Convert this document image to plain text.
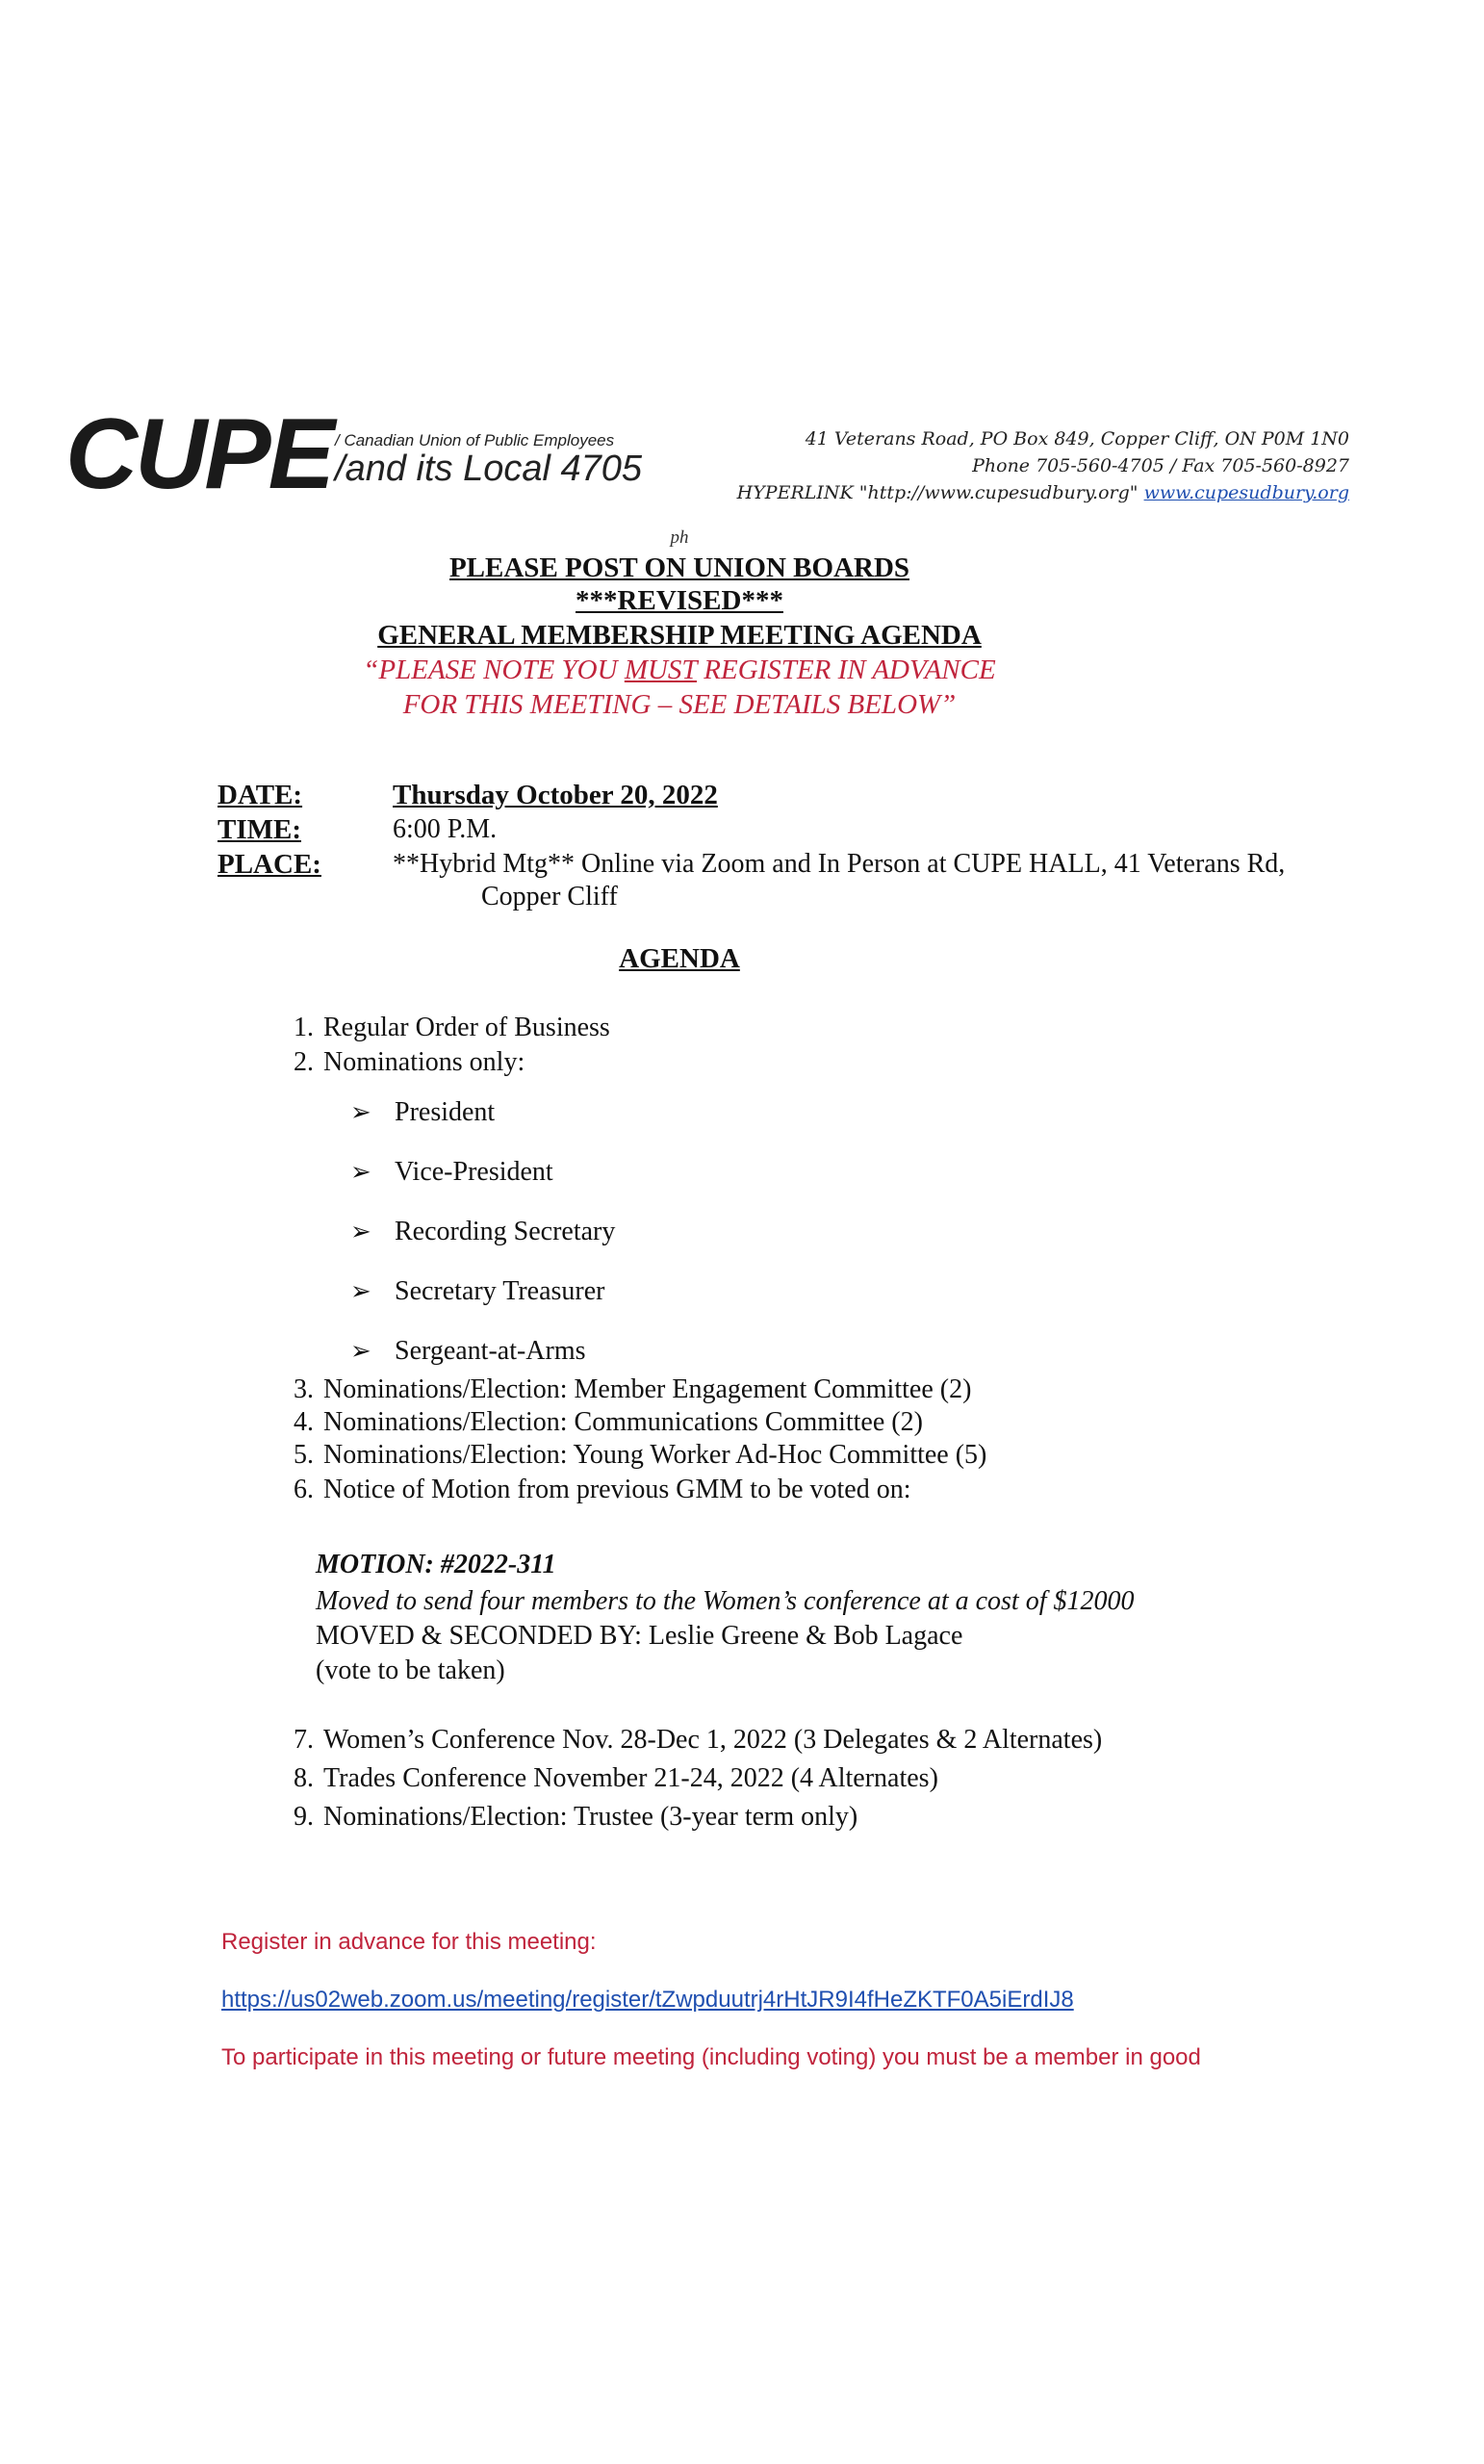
CUPE / Canadian Union of Public Employees
/and its Local 4705
41 Veterans Road, PO Box 849, Copper Cliff, ON P0M 1N0
Phone 705-560-4705 / Fax 705-560-8927
HYPERLINK "http://www.cupesudbury.org" www.cupesudbury.org
ph
PLEASE POST ON UNION BOARDS
***REVISED***
GENERAL MEMBERSHIP MEETING AGENDA
“PLEASE NOTE YOU MUST REGISTER IN ADVANCE
FOR THIS MEETING – SEE DETAILS BELOW”
DATE:	Thursday October 20, 2022
TIME:	6:00 P.M.
PLACE:	**Hybrid Mtg** Online via Zoom and In Person at CUPE HALL, 41 Veterans Rd,
Copper Cliff
AGENDA
1. Regular Order of Business
2. Nominations only:
➢ President
➢ Vice-President
➢ Recording Secretary
➢ Secretary Treasurer
➢ Sergeant-at-Arms
3. Nominations/Election: Member Engagement Committee (2)
4. Nominations/Election: Communications Committee (2)
5. Nominations/Election: Young Worker Ad-Hoc Committee (5)
6. Notice of Motion from previous GMM to be voted on:
MOTION: #2022-311
Moved to send four members to the Women’s conference at a cost of $12000
MOVED & SECONDED BY: Leslie Greene & Bob Lagace
(vote to be taken)
7. Women’s Conference Nov. 28-Dec 1, 2022 (3 Delegates & 2 Alternates)
8. Trades Conference November 21-24, 2022 (4 Alternates)
9. Nominations/Election: Trustee (3-year term only)
Register in advance for this meeting:
https://us02web.zoom.us/meeting/register/tZwpduutrj4rHtJR9I4fHeZKTF0A5iErdIJ8
To participate in this meeting or future meeting (including voting) you must be a member in good
